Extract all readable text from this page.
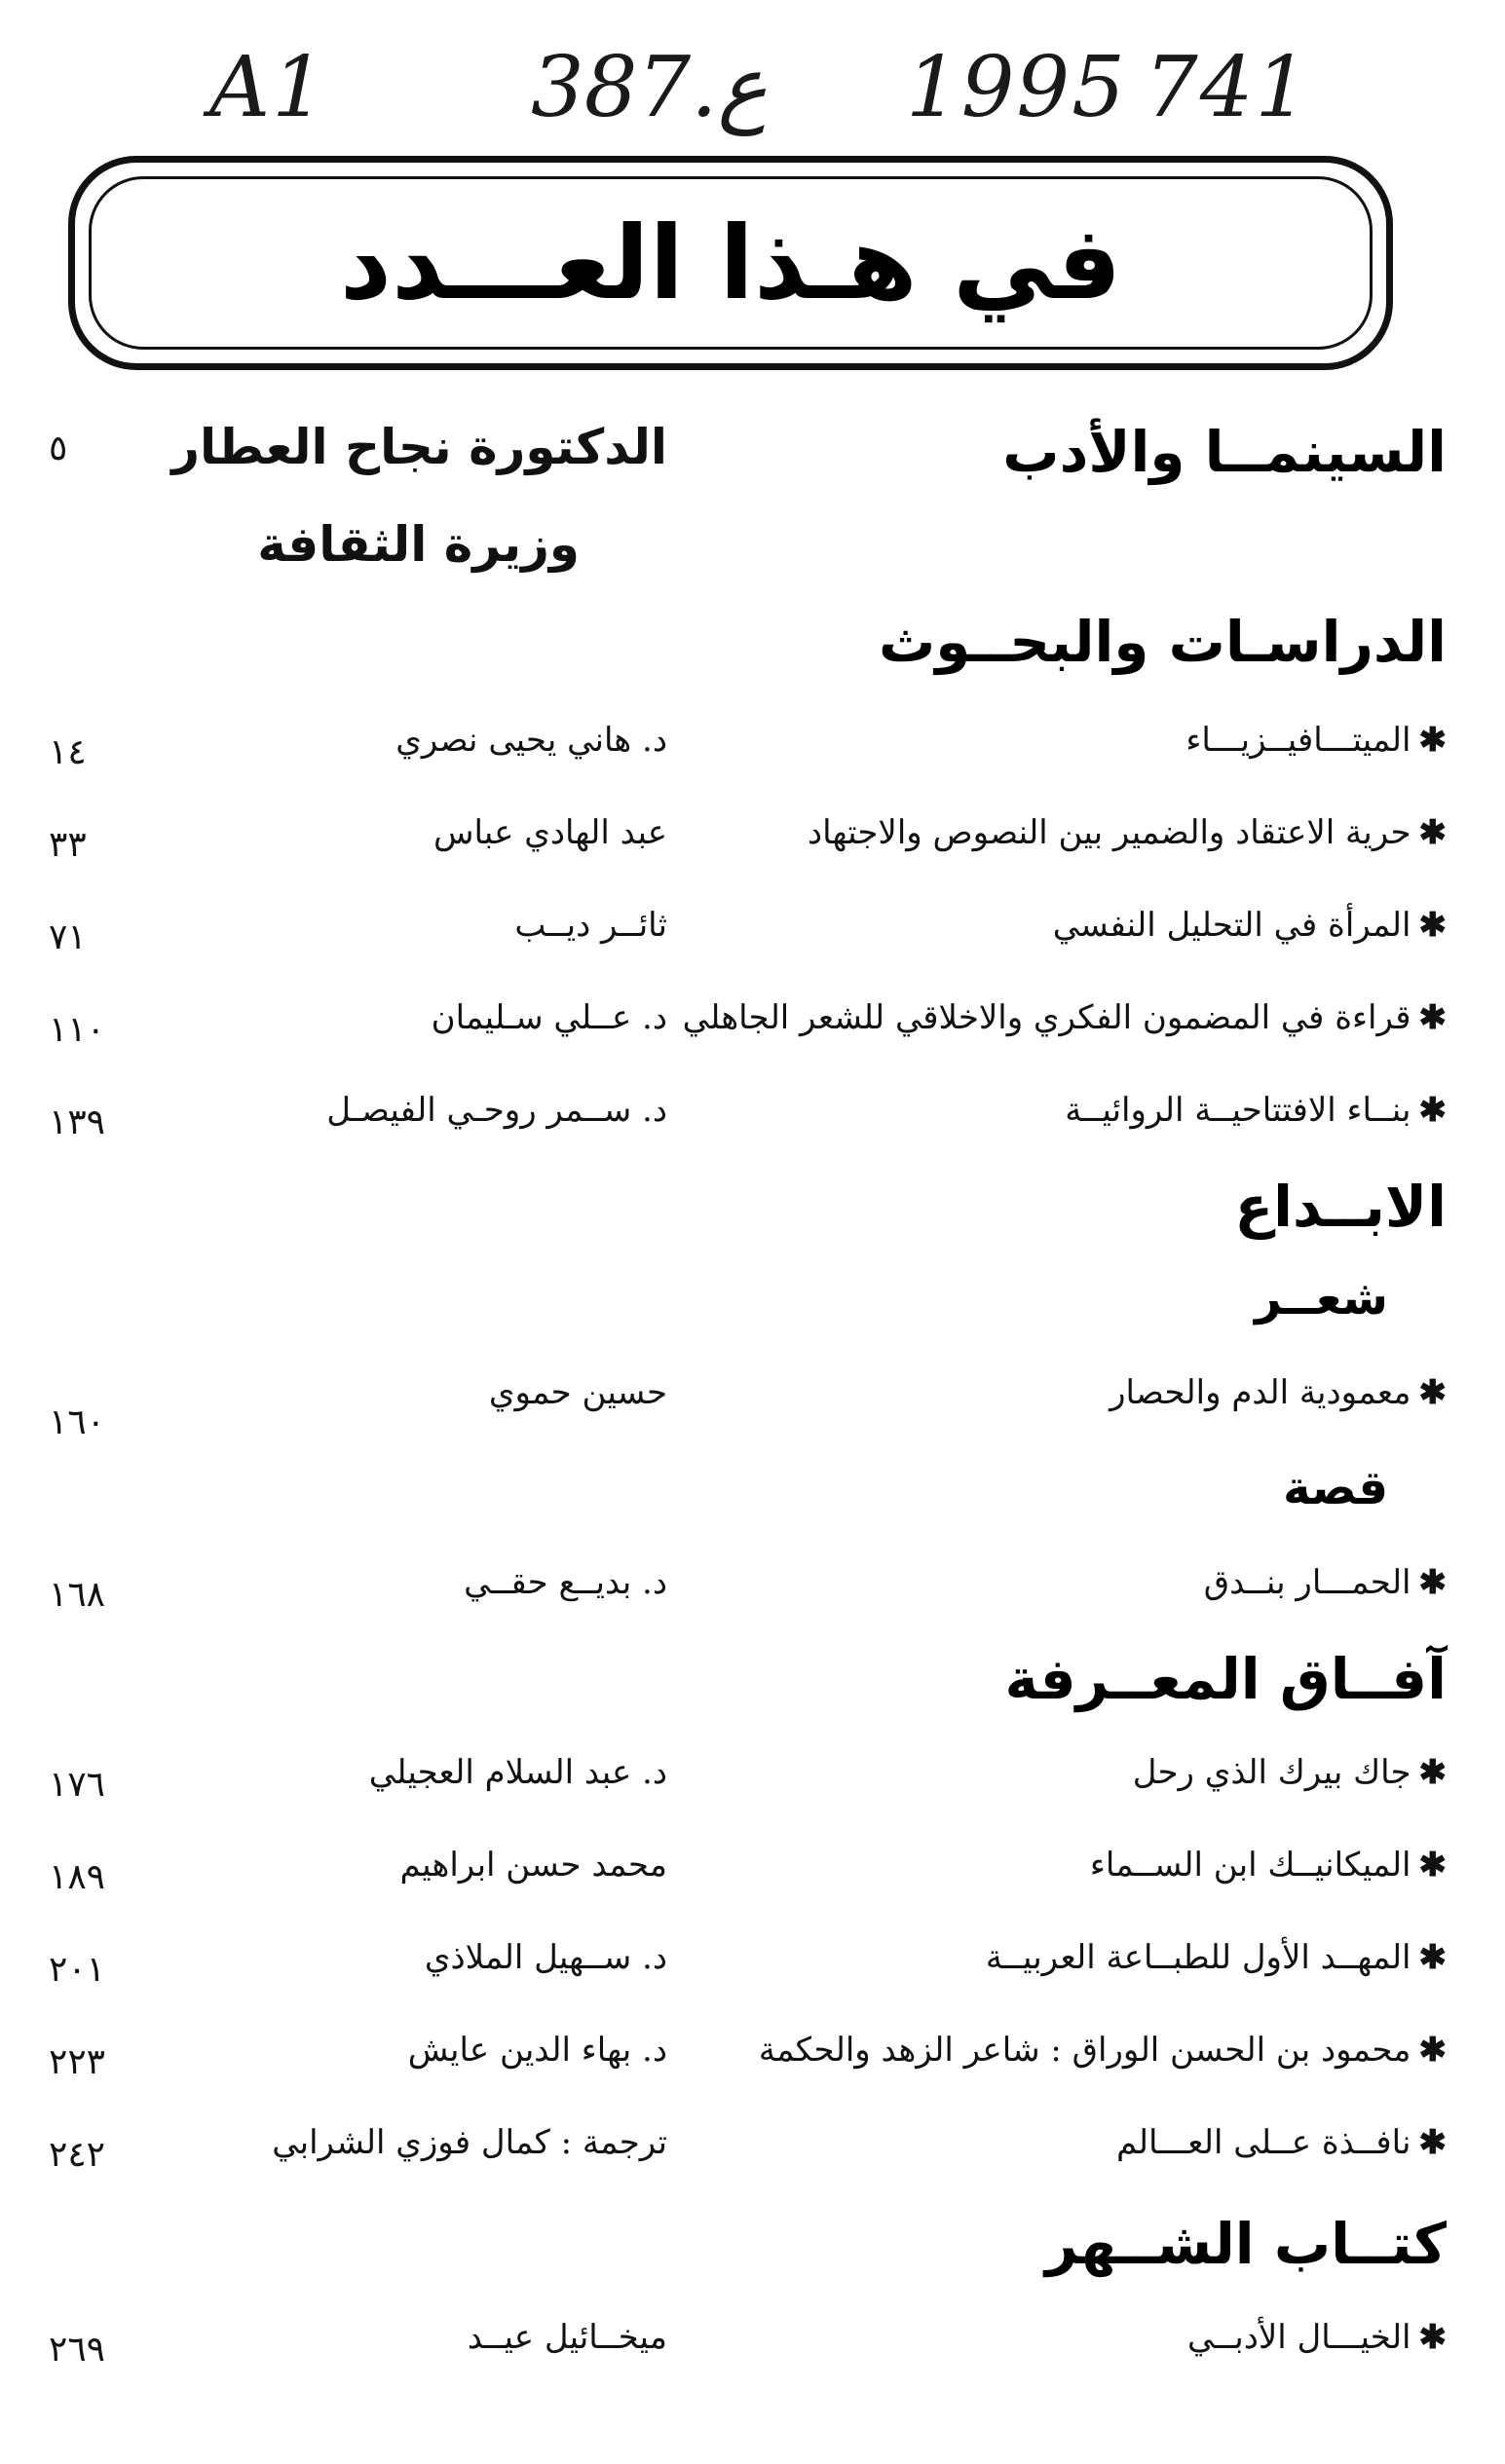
A1 387.ع 1995 741
في هـذا العـــدد
السينمــا والأدب
الدكتورة نجاح العطار
٥
وزيرة الثقافة
الدراسـات والبحــوث
✱الميتـــافيــزيـــاء
د. هاني يحيى نصري
١٤
✱حرية الاعتقاد والضمير بين النصوص والاجتهاد
عبد الهادي عباس
٣٣
✱المرأة في التحليل النفسي
ثائــر ديــب
٧١
✱قراءة في المضمون الفكري والاخلاقي للشعر الجاهلي
د. عــلي سـليمان
١١٠
✱بنــاء الافتتاحيــة الروائيــة
د. ســمر روحـي الفيصـل
١٣٩
الابــداع
شعــر
✱معمودية الدم والحصار
حسين حموي
١٦٠
قصة
✱الحمـــار بنــدق
د. بديــع حقــي
١٦٨
آفــاق المعــرفة
✱جاك بيرك الذي رحل
د. عبد السلام العجيلي
١٧٦
✱الميكانيــك ابن الســماء
محمد حسن ابراهيم
١٨٩
✱المهــد الأول للطبــاعة العربيــة
د. ســهيل الملاذي
٢٠١
✱محمود بن الحسن الوراق : شاعر الزهد والحكمة
د. بهاء الدين عايش
٢٢٣
✱نافــذة عــلى العـــالم
ترجمة : كمال فوزي الشرابي
٢٤٢
كتــاب الشــهر
✱الخيـــال الأدبــي
ميخــائيل عيــد
٢٦٩
